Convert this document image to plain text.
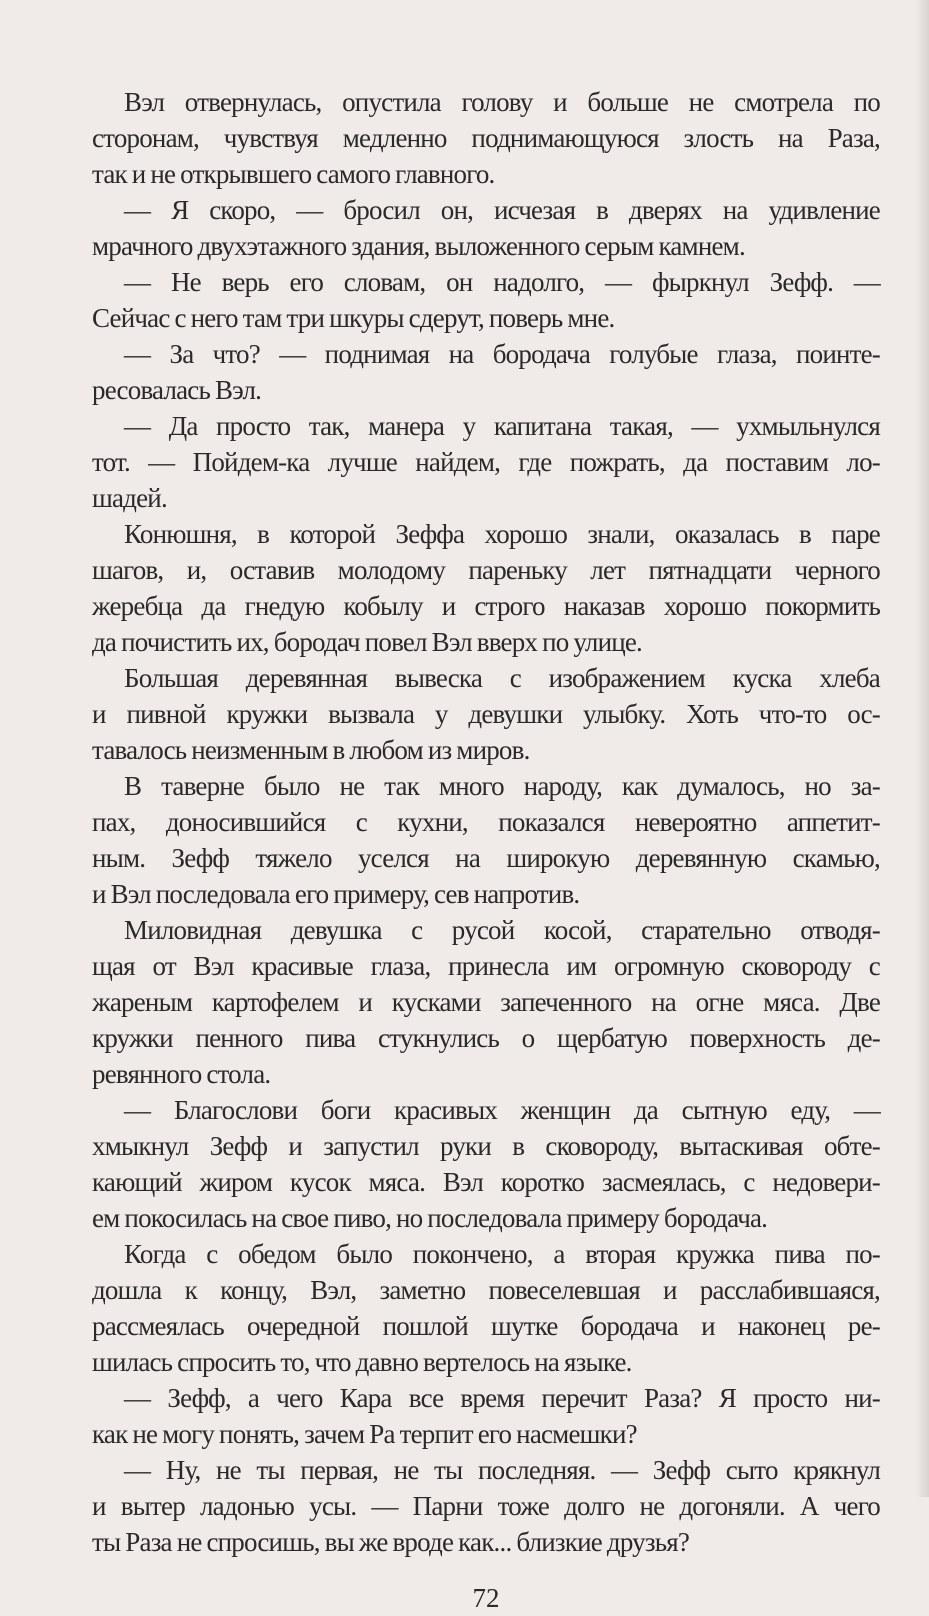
Вэл отвернулась, опустила голову и больше не смотрела по
сторонам, чувствуя медленно поднимающуюся злость на Раза,
так и не открывшего самого главного.
— Я скоро, — бросил он, исчезая в дверях на удивление
мрачного двухэтажного здания, выложенного серым камнем.
— Не верь его словам, он надолго, — фыркнул Зефф. —
Сейчас с него там три шкуры сдерут, поверь мне.
— За что? — поднимая на бородача голубые глаза, поинте-
ресовалась Вэл.
— Да просто так, манера у капитана такая, — ухмыльнулся
тот. — Пойдем-ка лучше найдем, где пожрать, да поставим ло-
шадей.
Конюшня, в которой Зеффа хорошо знали, оказалась в паре
шагов, и, оставив молодому пареньку лет пятнадцати черного
жеребца да гнедую кобылу и строго наказав хорошо покормить
да почистить их, бородач повел Вэл вверх по улице.
Большая деревянная вывеска с изображением куска хлеба
и пивной кружки вызвала у девушки улыбку. Хоть что-то ос-
тавалось неизменным в любом из миров.
В таверне было не так много народу, как думалось, но за-
пах, доносившийся с кухни, показался невероятно аппетит-
ным. Зефф тяжело уселся на широкую деревянную скамью,
и Вэл последовала его примеру, сев напротив.
Миловидная девушка с русой косой, старательно отводя-
щая от Вэл красивые глаза, принесла им огромную сковороду с
жареным картофелем и кусками запеченного на огне мяса. Две
кружки пенного пива стукнулись о щербатую поверхность де-
ревянного стола.
— Благослови боги красивых женщин да сытную еду, —
хмыкнул Зефф и запустил руки в сковороду, вытаскивая обте-
кающий жиром кусок мяса. Вэл коротко засмеялась, с недовери-
ем покосилась на свое пиво, но последовала примеру бородача.
Когда с обедом было покончено, а вторая кружка пива по-
дошла к концу, Вэл, заметно повеселевшая и расслабившаяся,
рассмеялась очередной пошлой шутке бородача и наконец ре-
шилась спросить то, что давно вертелось на языке.
— Зефф, а чего Кара все время перечит Раза? Я просто ни-
как не могу понять, зачем Ра терпит его насмешки?
— Ну, не ты первая, не ты последняя. — Зефф сыто крякнул
и вытер ладонью усы. — Парни тоже долго не догоняли. А чего
ты Раза не спросишь, вы же вроде как... близкие друзья?
72
